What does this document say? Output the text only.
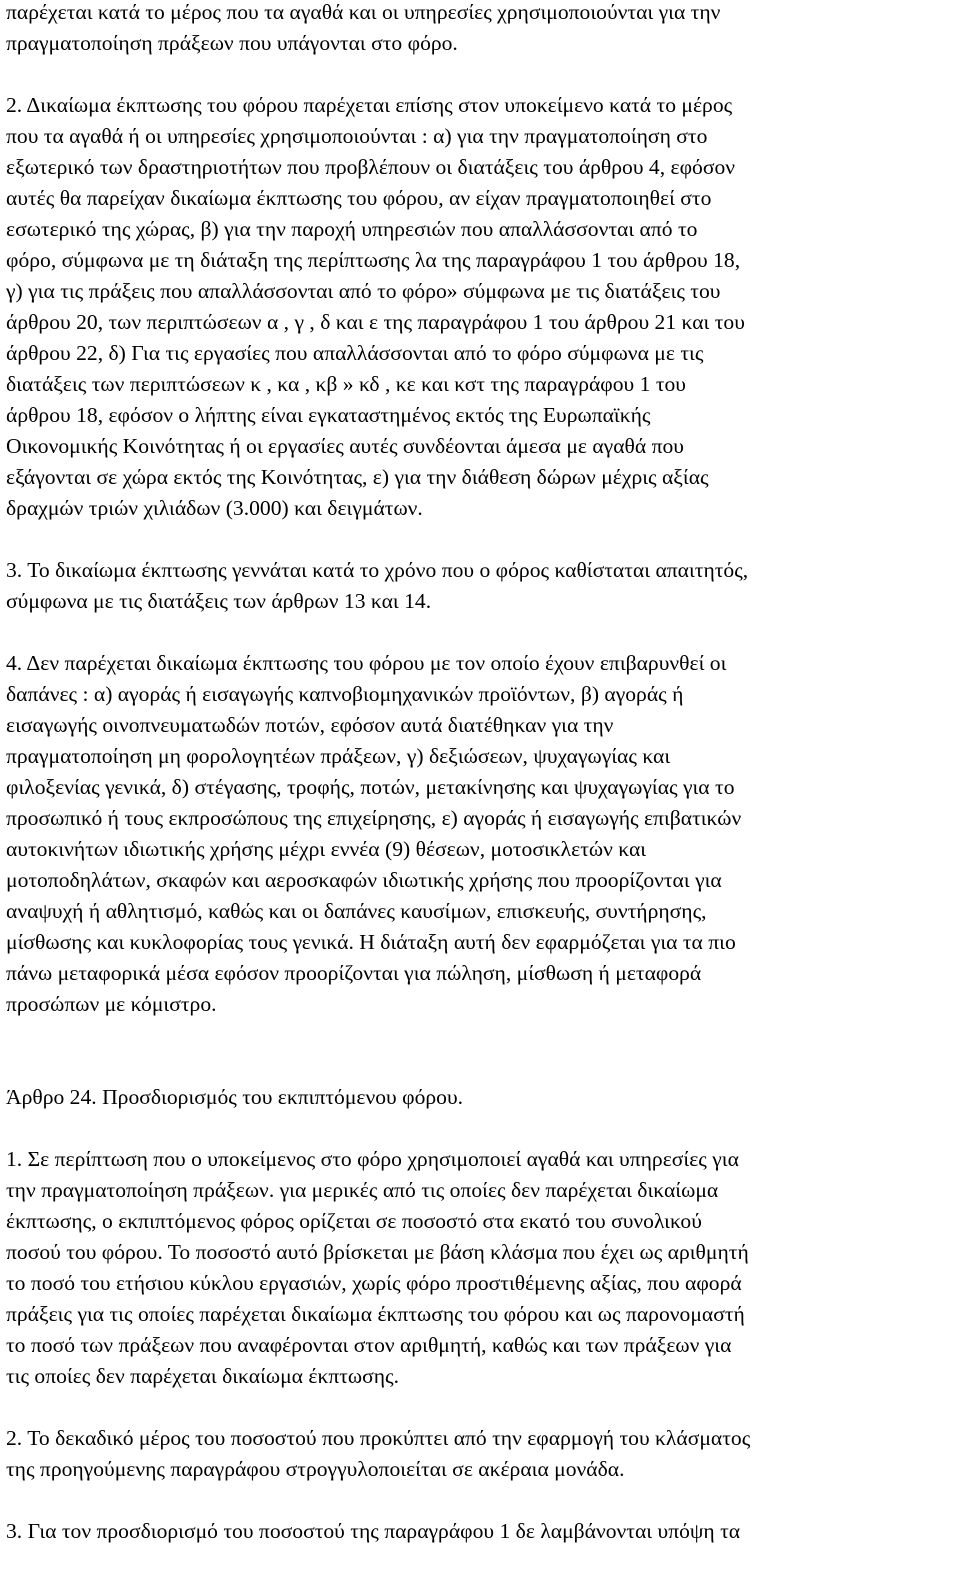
παρέχεται κατά το μέρος που τα αγαθά και οι υπηρεσίες χρησιμοποιούνται για την
πραγματοποίηση πράξεων που υπάγονται στο φόρο.
2. Δικαίωμα έκπτωσης του φόρου παρέχεται επίσης στον υποκείμενο κατά το μέρος
που τα αγαθά ή οι υπηρεσίες χρησιμοποιούνται : α) για την πραγματοποίηση στο
εξωτερικό των δραστηριοτήτων που προβλέπουν οι διατάξεις του άρθρου 4, εφόσον
αυτές θα παρείχαν δικαίωμα έκπτωσης του φόρου, αν είχαν πραγματοποιηθεί στο
εσωτερικό της χώρας, β) για την παροχή υπηρεσιών που απαλλάσσονται από το
φόρο, σύμφωνα με τη διάταξη της περίπτωσης λα της παραγράφου 1 του άρθρου 18,
γ) για τις πράξεις που απαλλάσσονται από το φόρο» σύμφωνα με τις διατάξεις του
άρθρου 20, των περιπτώσεων α , γ , δ και ε της παραγράφου 1 του άρθρου 21 και του
άρθρου 22, δ) Για τις εργασίες που απαλλάσσονται από το φόρο σύμφωνα με τις
διατάξεις των περιπτώσεων κ , κα , κβ » κδ , κε και κστ της παραγράφου 1 του
άρθρου 18, εφόσον ο λήπτης είναι εγκαταστημένος εκτός της Ευρωπαϊκής
Οικονομικής Κοινότητας ή οι εργασίες αυτές συνδέονται άμεσα με αγαθά που
εξάγονται σε χώρα εκτός της Κοινότητας, ε) για την διάθεση δώρων μέχρις αξίας
δραχμών τριών χιλιάδων (3.000) και δειγμάτων.
3. Το δικαίωμα έκπτωσης γεννάται κατά το χρόνο που ο φόρος καθίσταται απαιτητός,
σύμφωνα με τις διατάξεις των άρθρων 13 και 14.
4. Δεν παρέχεται δικαίωμα έκπτωσης του φόρου με τον οποίο έχουν επιβαρυνθεί οι
δαπάνες : α) αγοράς ή εισαγωγής καπνοβιομηχανικών προϊόντων, β) αγοράς ή
εισαγωγής οινοπνευματωδών ποτών, εφόσον αυτά διατέθηκαν για την
πραγματοποίηση μη φορολογητέων πράξεων, γ) δεξιώσεων, ψυχαγωγίας και
φιλοξενίας γενικά, δ) στέγασης, τροφής, ποτών, μετακίνησης και ψυχαγωγίας για το
προσωπικό ή τους εκπροσώπους της επιχείρησης, ε) αγοράς ή εισαγωγής επιβατικών
αυτοκινήτων ιδιωτικής χρήσης μέχρι εννέα (9) θέσεων, μοτοσικλετών και
μοτοποδηλάτων, σκαφών και αεροσκαφών ιδιωτικής χρήσης που προορίζονται για
αναψυχή ή αθλητισμό, καθώς και οι δαπάνες καυσίμων, επισκευής, συντήρησης,
μίσθωσης και κυκλοφορίας τους γενικά. Η διάταξη αυτή δεν εφαρμόζεται για τα πιο
πάνω μεταφορικά μέσα εφόσον προορίζονται για πώληση, μίσθωση ή μεταφορά
προσώπων με κόμιστρο.
Άρθρο 24. Προσδιορισμός του εκπιπτόμενου φόρου.
1. Σε περίπτωση που ο υποκείμενος στο φόρο χρησιμοποιεί αγαθά και υπηρεσίες για
την πραγματοποίηση πράξεων. για μερικές από τις οποίες δεν παρέχεται δικαίωμα
έκπτωσης, ο εκπιπτόμενος φόρος ορίζεται σε ποσοστό στα εκατό του συνολικού
ποσού του φόρου. Το ποσοστό αυτό βρίσκεται με βάση κλάσμα που έχει ως αριθμητή
το ποσό του ετήσιου κύκλου εργασιών, χωρίς φόρο προστιθέμενης αξίας, που αφορά
πράξεις για τις οποίες παρέχεται δικαίωμα έκπτωσης του φόρου και ως παρονομαστή
το ποσό των πράξεων που αναφέρονται στον αριθμητή, καθώς και των πράξεων για
τις οποίες δεν παρέχεται δικαίωμα έκπτωσης.
2. Το δεκαδικό μέρος του ποσοστού που προκύπτει από την εφαρμογή του κλάσματος
της προηγούμενης παραγράφου στρογγυλοποιείται σε ακέραια μονάδα.
3. Για τον προσδιορισμό του ποσοστού της παραγράφου 1 δε λαμβάνονται υπόψη τα
